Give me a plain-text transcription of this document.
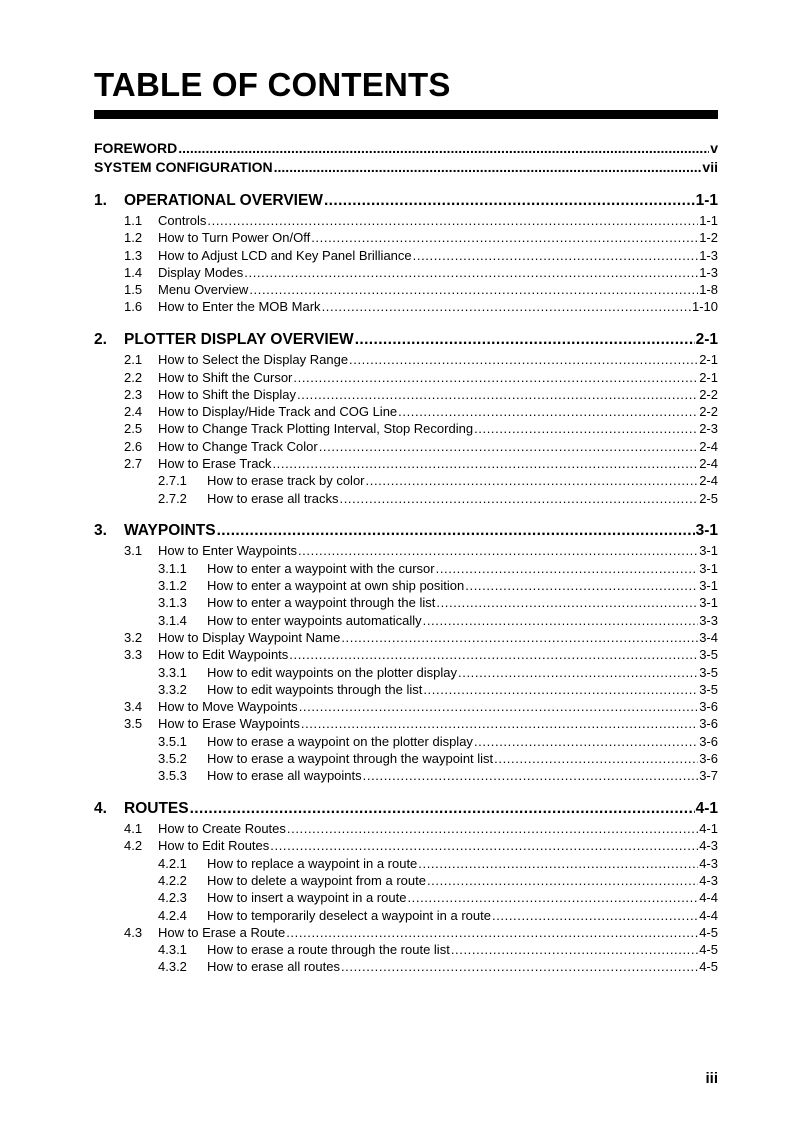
TABLE OF CONTENTS
FOREWORD .....	v
SYSTEM CONFIGURATION .....	vii
1.	OPERATIONAL OVERVIEW .....	1-1
1.1	Controls .....	1-1
1.2	How to Turn Power On/Off .....	1-2
1.3	How to Adjust LCD and Key Panel Brilliance .....	1-3
1.4	Display Modes .....	1-3
1.5	Menu Overview .....	1-8
1.6	How to Enter the MOB Mark .....	1-10
2.	PLOTTER DISPLAY OVERVIEW .....	2-1
2.1	How to Select the Display Range .....	2-1
2.2	How to Shift the Cursor .....	2-1
2.3	How to Shift the Display .....	2-2
2.4	How to Display/Hide Track and COG Line .....	2-2
2.5	How to Change Track Plotting Interval, Stop Recording .....	2-3
2.6	How to Change Track Color .....	2-4
2.7	How to Erase Track .....	2-4
2.7.1	How to erase track by color .....	2-4
2.7.2	How to erase all tracks .....	2-5
3.	WAYPOINTS .....	3-1
3.1	How to Enter Waypoints .....	3-1
3.1.1	How to enter a waypoint with the cursor .....	3-1
3.1.2	How to enter a waypoint at own ship position .....	3-1
3.1.3	How to enter a waypoint through the list .....	3-1
3.1.4	How to enter waypoints automatically .....	3-3
3.2	How to Display Waypoint Name .....	3-4
3.3	How to Edit Waypoints .....	3-5
3.3.1	How to edit waypoints on the plotter display .....	3-5
3.3.2	How to edit waypoints through the list .....	3-5
3.4	How to Move Waypoints .....	3-6
3.5	How to Erase Waypoints .....	3-6
3.5.1	How to erase a waypoint on the plotter display .....	3-6
3.5.2	How to erase a waypoint through the waypoint list .....	3-6
3.5.3	How to erase all waypoints .....	3-7
4.	ROUTES .....	4-1
4.1	How to Create Routes .....	4-1
4.2	How to Edit Routes .....	4-3
4.2.1	How to replace a waypoint in a route .....	4-3
4.2.2	How to delete a waypoint from a route .....	4-3
4.2.3	How to insert a waypoint in a route .....	4-4
4.2.4	How to temporarily deselect a waypoint in a route .....	4-4
4.3	How to Erase a Route .....	4-5
4.3.1	How to erase a route through the route list .....	4-5
4.3.2	How to erase all routes .....	4-5
iii
